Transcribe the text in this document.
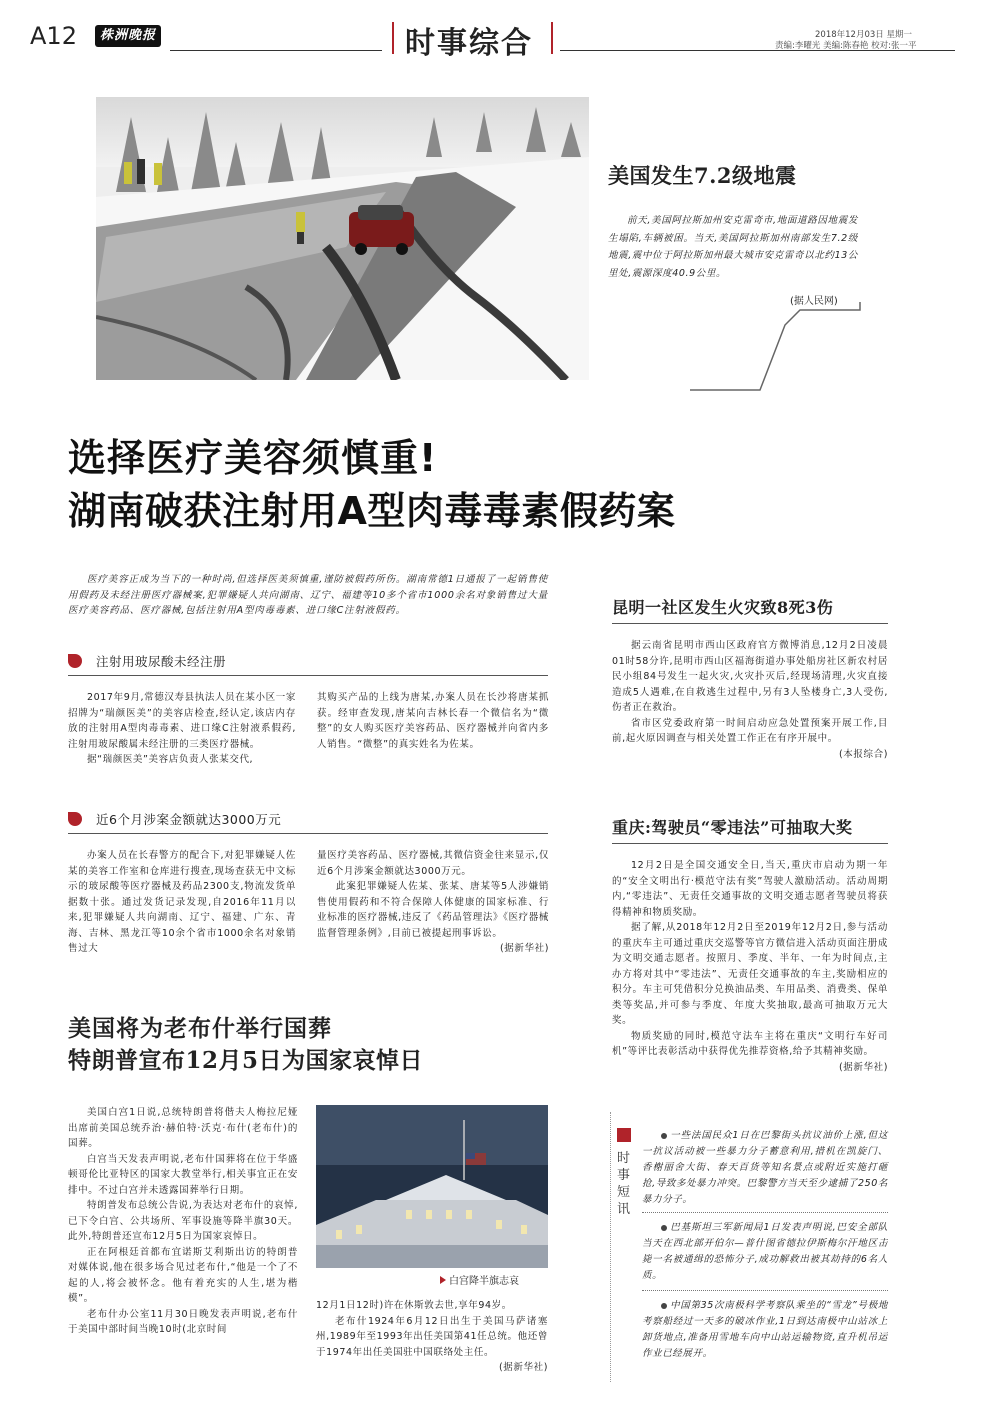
A12	株洲晚报	时事综合	2018年12月03日 星期一
责编:李曜光 美编:陈春艳 校对:张一平
美国发生7.2级地震
前天,美国阿拉斯加州安克雷奇市,地面道路因地震发生塌陷,车辆被困。当天,美国阿拉斯加州南部发生7.2级地震,震中位于阿拉斯加州最大城市安克雷奇以北约13公里处,震源深度40.9公里。
(据人民网)
选择医疗美容须慎重!
湖南破获注射用A型肉毒毒素假药案
医疗美容正成为当下的一种时尚,但选择医美须慎重,谨防被假药所伤。湖南常德1日通报了一起销售使用假药及未经注册医疗器械案,犯罪嫌疑人共向湖南、辽宁、福建等10多个省市1000余名对象销售过大量医疗美容药品、医疗器械,包括注射用A型肉毒毒素、进口缘C注射液假药。
注射用玻尿酸未经注册

2017年9月,常德汉寿县执法人员在某小区一家招牌为“瑞颜医美”的美容店检查,经认定,该店内存放的注射用A型肉毒毒素、进口缘C注射液系假药,注射用玻尿酸属未经注册的三类医疗器械。

据“瑞颜医美”美容店负责人张某交代,

其购买产品的上线为唐某,办案人员在长沙将唐某抓获。经审查发现,唐某向吉林长春一个微信名为“微整”的女人购买医疗美容药品、医疗器械并向省内多人销售。“微整”的真实姓名为佐某。

近6个月涉案金额就达3000万元

办案人员在长春警方的配合下,对犯罪嫌疑人佐某的美容工作室和仓库进行搜查,现场查获无中文标示的玻尿酸等医疗器械及药品2300支,物流发货单据数十张。通过发货记录发现,自2016年11月以来,犯罪嫌疑人共向湖南、辽宁、福建、广东、青海、吉林、黑龙江等10余个省市1000余名对象销售过大

量医疗美容药品、医疗器械,其微信资金往来显示,仅近6个月涉案金额就达3000万元。

此案犯罪嫌疑人佐某、张某、唐某等5人涉嫌销售使用假药和不符合保障人体健康的国家标准、行业标准的医疗器械,违反了《药品管理法》《医疗器械监督管理条例》,目前已被提起刑事诉讼。

(据新华社)
昆明一社区发生火灾致8死3伤

据云南省昆明市西山区政府官方微博消息,12月2日凌晨01时58分许,昆明市西山区福海街道办事处船房社区新农村居民小组84号发生一起火灾,火灾扑灭后,经现场清理,火灾直接造成5人遇难,在自救逃生过程中,另有3人坠楼身亡,3人受伤,伤者正在救治。

省市区党委政府第一时间启动应急处置预案开展工作,目前,起火原因调查与相关处置工作正在有序开展中。

(本报综合)
重庆:驾驶员“零违法”可抽取大奖

12月2日是全国交通安全日,当天,重庆市启动为期一年的“安全文明出行·模范守法有奖”驾驶人激励活动。活动周期内,“零违法”、无责任交通事故的文明交通志愿者驾驶员将获得精神和物质奖励。

据了解,从2018年12月2日至2019年12月2日,参与活动的重庆车主可通过重庆交巡警等官方微信进入活动页面注册成为文明交通志愿者。按照月、季度、半年、一年为时间点,主办方将对其中“零违法”、无责任交通事故的车主,奖励相应的积分。车主可凭借积分兑换油品类、车用品类、消费类、保单类等奖品,并可参与季度、年度大奖抽取,最高可抽取万元大奖。

物质奖励的同时,模范守法车主将在重庆“文明行车好司机”等评比表彰活动中获得优先推荐资格,给予其精神奖励。

(据新华社)
美国将为老布什举行国葬
特朗普宣布12月5日为国家哀悼日

美国白宫1日说,总统特朗普将偕夫人梅拉尼娅出席前美国总统乔治·赫伯特·沃克·布什(老布什)的国葬。

白宫当天发表声明说,老布什国葬将在位于华盛顿哥伦比亚特区的国家大教堂举行,相关事宜正在安排中。不过白宫并未透露国葬举行日期。

特朗普发布总统公告说,为表达对老布什的哀悼,已下令白宫、公共场所、军事设施等降半旗30天。此外,特朗普还宣布12月5日为国家哀悼日。

正在阿根廷首都布宜诺斯艾利斯出访的特朗普对媒体说,他在很多场合见过老布什,“他是一个了不起的人,将会被怀念。他有着充实的人生,堪为楷模”。

老布什办公室11月30日晚发表声明说,老布什于美国中部时间当晚10时(北京时间

白宫降半旗志哀

12月1日12时)许在休斯敦去世,享年94岁。

老布什1924年6月12日出生于美国马萨诸塞州,1989年至1993年出任美国第41任总统。他还曾于1974年出任美国驻中国联络处主任。

(据新华社)
时事短讯
一些法国民众1日在巴黎街头抗议油价上涨,但这一抗议活动被一些暴力分子蓄意利用,措机在凯旋门、香榭丽舍大街、春天百货等知名景点或附近实施打砸抢,导致多处暴力冲突。巴黎警方当天至少逮捕了250名暴力分子。
巴基斯坦三军新闻局1日发表声明说,巴安全部队当天在西北部开伯尔—普什图省德拉伊斯梅尔汗地区击毙一名被通缉的恐怖分子,成功解救出被其劫持的6名人质。
中国第35次南极科学考察队乘坐的“雪龙”号极地考察船经过一天多的破冰作业,1日到达南极中山站冰上卸货地点,准备用雪地车向中山站运输物资,直升机吊运作业已经展开。
